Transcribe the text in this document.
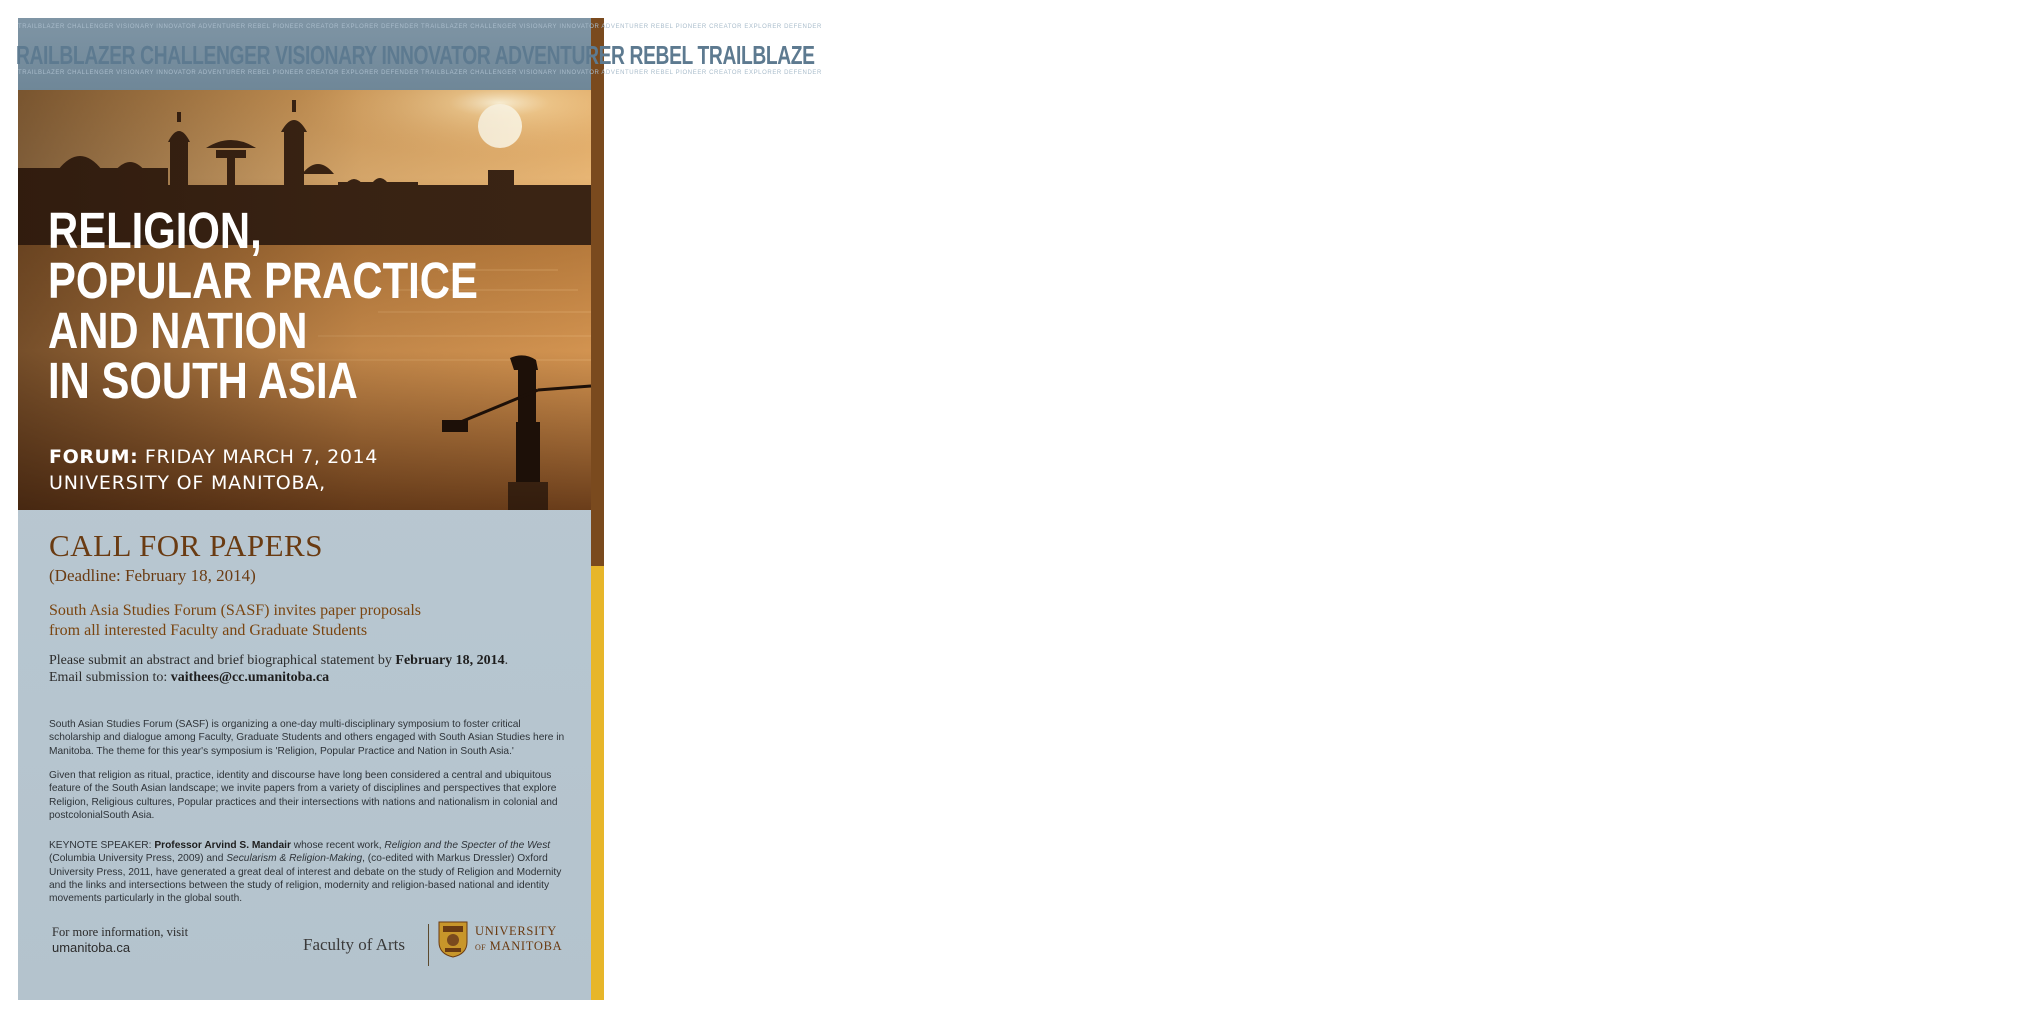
TRAILBLAZER CHALLENGER VISIONARY INNOVATOR ADVENTURER REBEL PIONEER CREATOR EXPLORER DEFENDER TRAILBLAZER CHALLENGER VISIONARY INNOVATOR ADVENTURER REBEL PIONEER CREATOR EXPLORER DEFENDER
RAILBLAZER CHALLENGER VISIONARY INNOVATOR ADVENTURER REBEL TRAILBLAZE
TRAILBLAZER CHALLENGER VISIONARY INNOVATOR ADVENTURER REBEL PIONEER CREATOR EXPLORER DEFENDER TRAILBLAZER CHALLENGER VISIONARY INNOVATOR ADVENTURER REBEL PIONEER CREATOR EXPLORER DEFENDER
RELIGION,
POPULAR PRACTICE
AND NATION
IN SOUTH ASIA
FORUM: FRIDAY MARCH 7, 2014
UNIVERSITY OF MANITOBA,
CALL FOR PAPERS
(Deadline: February 18, 2014)
South Asia Studies Forum (SASF) invites paper proposals
from all interested Faculty and Graduate Students
Please submit an abstract and brief biographical statement by February 18, 2014.
Email submission to: vaithees@cc.umanitoba.ca

South Asian Studies Forum (SASF) is organizing a one-day multi-disciplinary symposium to foster critical scholarship and dialogue among Faculty, Graduate Students and others engaged with South Asian Studies here in Manitoba. The theme for this year's symposium is 'Religion, Popular Practice and Nation in South Asia.'

Given that religion as ritual, practice, identity and discourse have long been considered a central and ubiquitous feature of the South Asian landscape; we invite papers from a variety of disciplines and perspectives that explore Religion, Religious cultures, Popular practices and their intersections with nations and nationalism in colonial and postcolonialSouth Asia.

KEYNOTE SPEAKER: Professor Arvind S. Mandair whose recent work, Religion and the Specter of the West (Columbia University Press, 2009) and Secularism & Religion-Making, (co-edited with Markus Dressler) Oxford University Press, 2011, have generated a great deal of interest and debate on the study of Religion and Modernity and the links and intersections between the study of religion, modernity and religion-based national and identity movements particularly in the global south.

For more information, visit
umanitoba.ca	Faculty of Arts
UNIVERSITY
OF MANITOBA
